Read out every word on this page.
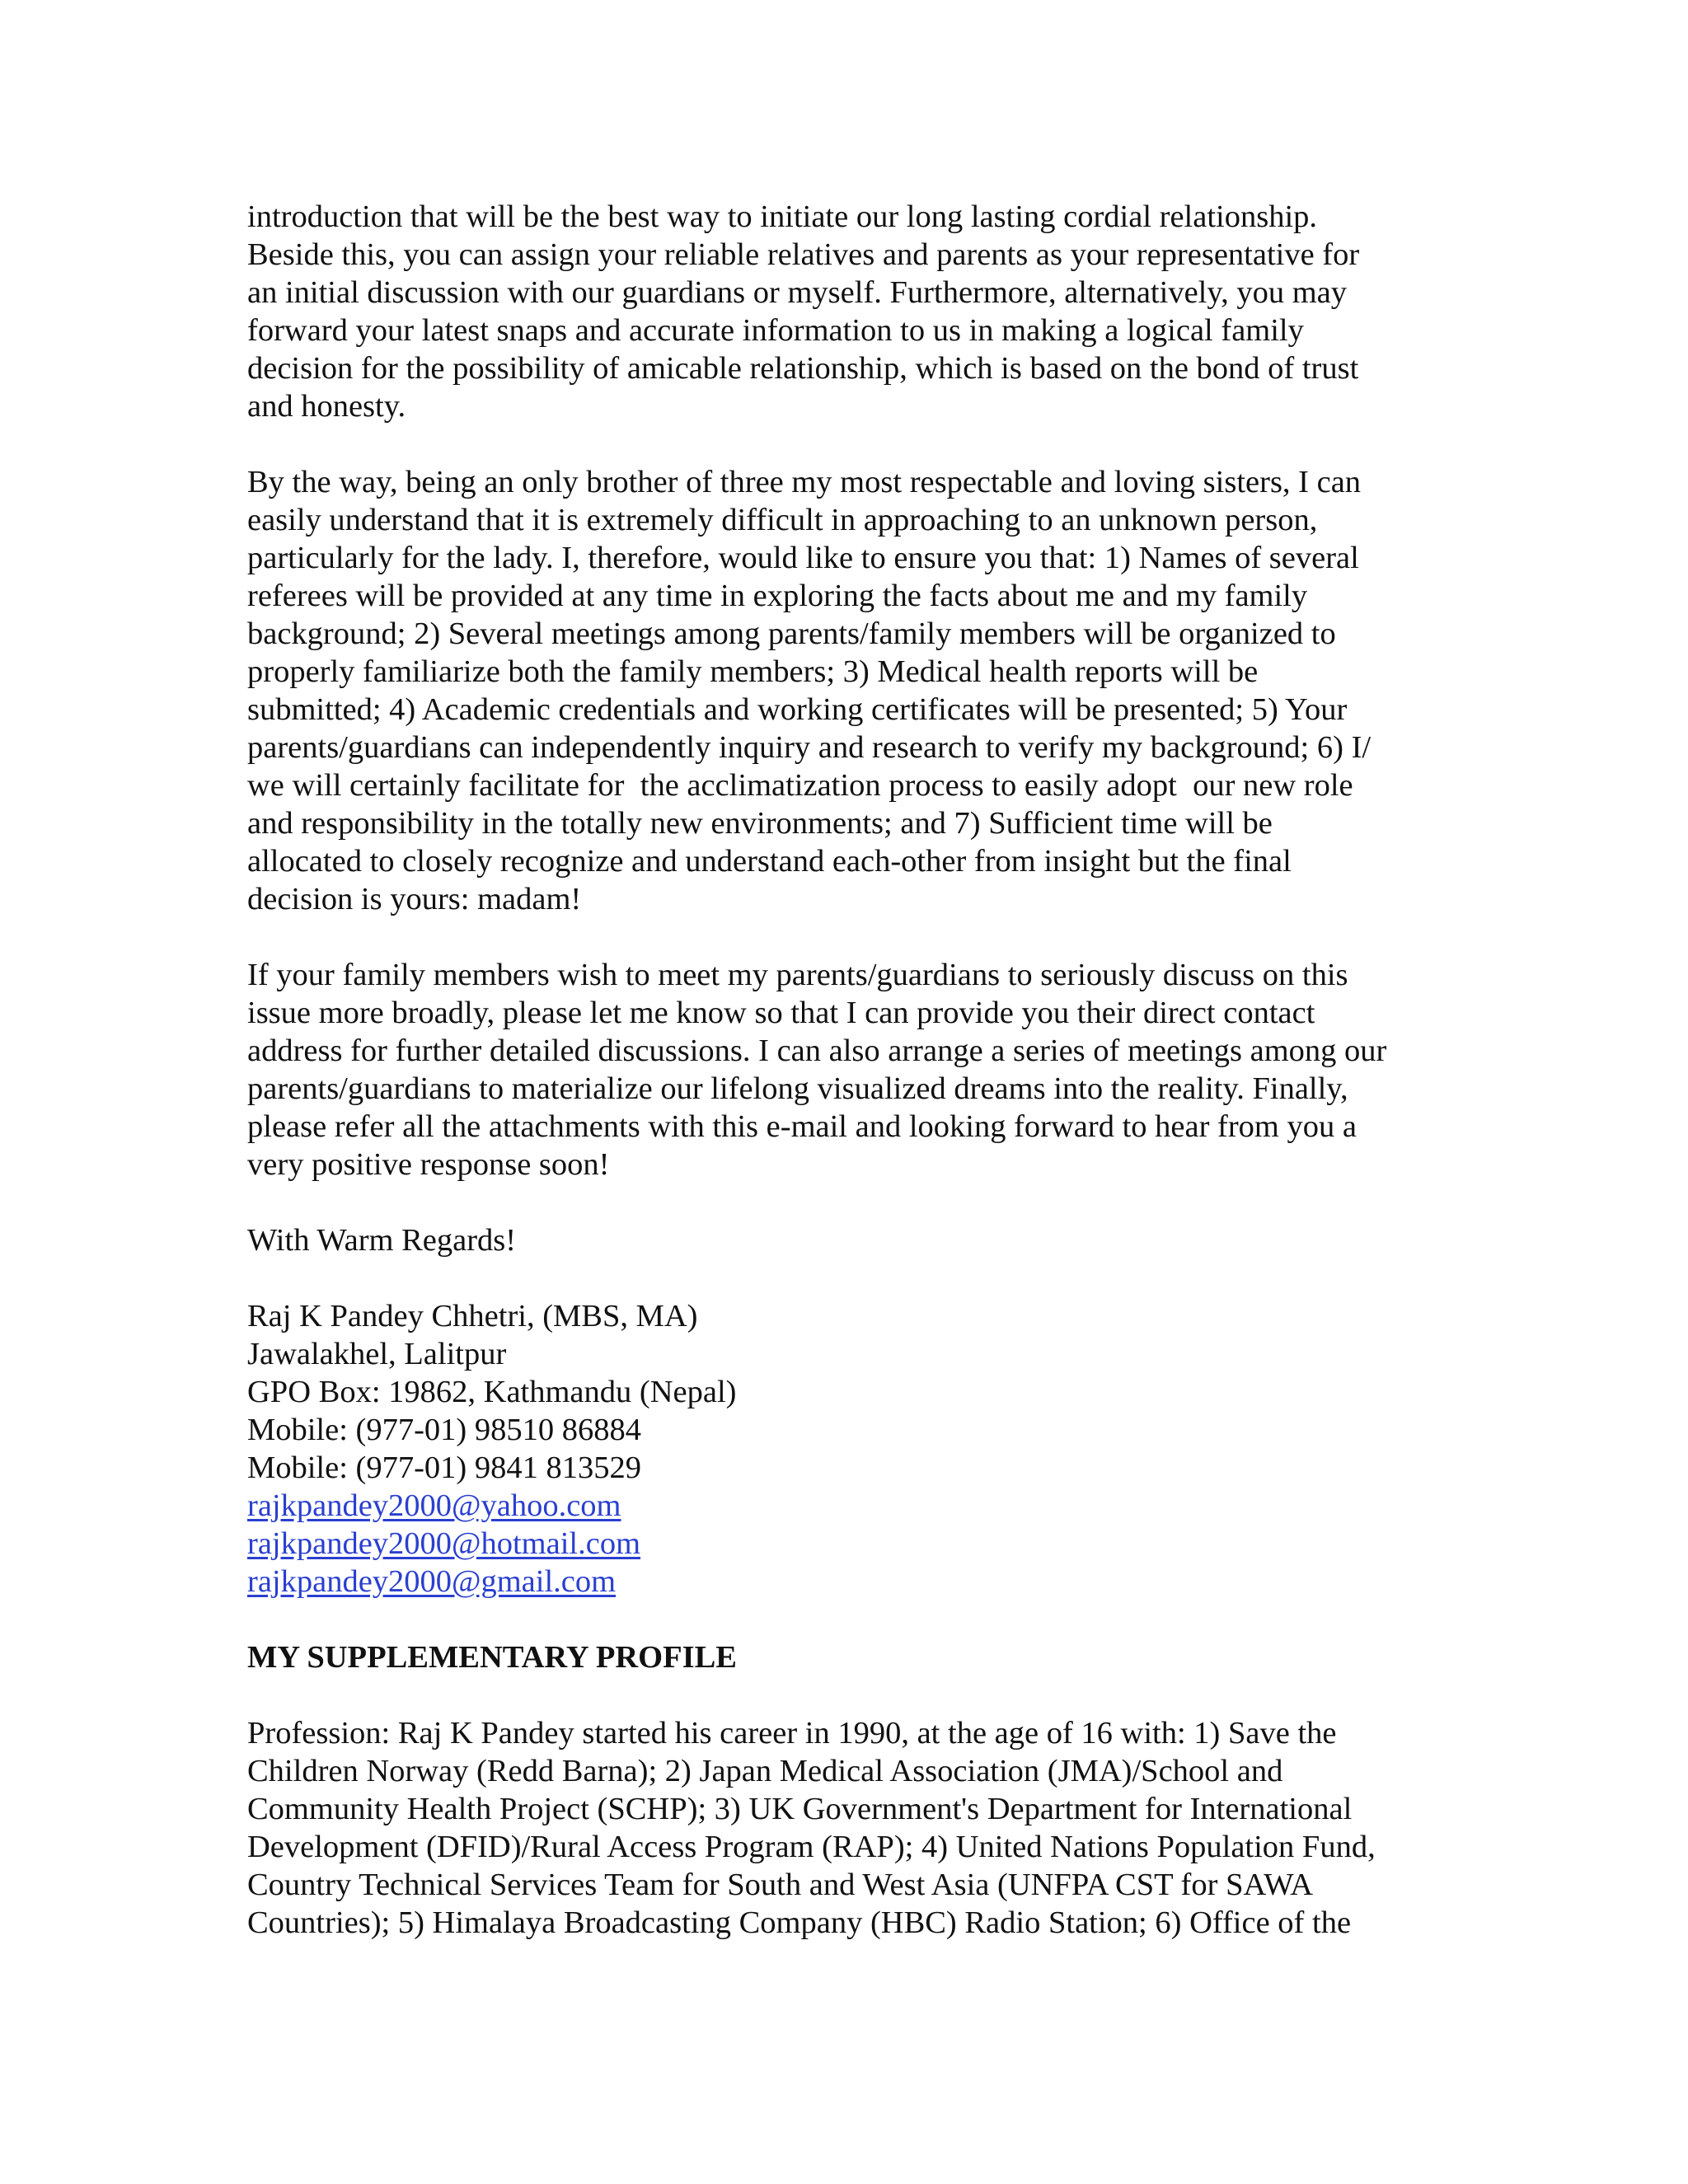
introduction that will be the best way to initiate our long lasting cordial relationship.
Beside this, you can assign your reliable relatives and parents as your representative for
an initial discussion with our guardians or myself. Furthermore, alternatively, you may
forward your latest snaps and accurate information to us in making a logical family
decision for the possibility of amicable relationship, which is based on the bond of trust
and honesty.

By the way, being an only brother of three my most respectable and loving sisters, I can
easily understand that it is extremely difficult in approaching to an unknown person,
particularly for the lady. I, therefore, would like to ensure you that: 1) Names of several
referees will be provided at any time in exploring the facts about me and my family
background; 2) Several meetings among parents/family members will be organized to
properly familiarize both the family members; 3) Medical health reports will be
submitted; 4) Academic credentials and working certificates will be presented; 5) Your
parents/guardians can independently inquiry and research to verify my background; 6) I/
we will certainly facilitate for  the acclimatization process to easily adopt  our new role
and responsibility in the totally new environments; and 7) Sufficient time will be
allocated to closely recognize and understand each-other from insight but the final
decision is yours: madam!

If your family members wish to meet my parents/guardians to seriously discuss on this
issue more broadly, please let me know so that I can provide you their direct contact
address for further detailed discussions. I can also arrange a series of meetings among our
parents/guardians to materialize our lifelong visualized dreams into the reality. Finally,
please refer all the attachments with this e-mail and looking forward to hear from you a
very positive response soon!

With Warm Regards!

Raj K Pandey Chhetri, (MBS, MA)
Jawalakhel, Lalitpur
GPO Box: 19862, Kathmandu (Nepal)
Mobile: (977-01) 98510 86884
Mobile: (977-01) 9841 813529
rajkpandey2000@yahoo.com
rajkpandey2000@hotmail.com
rajkpandey2000@gmail.com
MY SUPPLEMENTARY PROFILE

Profession: Raj K Pandey started his career in 1990, at the age of 16 with: 1) Save the
Children Norway (Redd Barna); 2) Japan Medical Association (JMA)/School and
Community Health Project (SCHP); 3) UK Government's Department for International
Development (DFID)/Rural Access Program (RAP); 4) United Nations Population Fund,
Country Technical Services Team for South and West Asia (UNFPA CST for SAWA
Countries); 5) Himalaya Broadcasting Company (HBC) Radio Station; 6) Office of the
